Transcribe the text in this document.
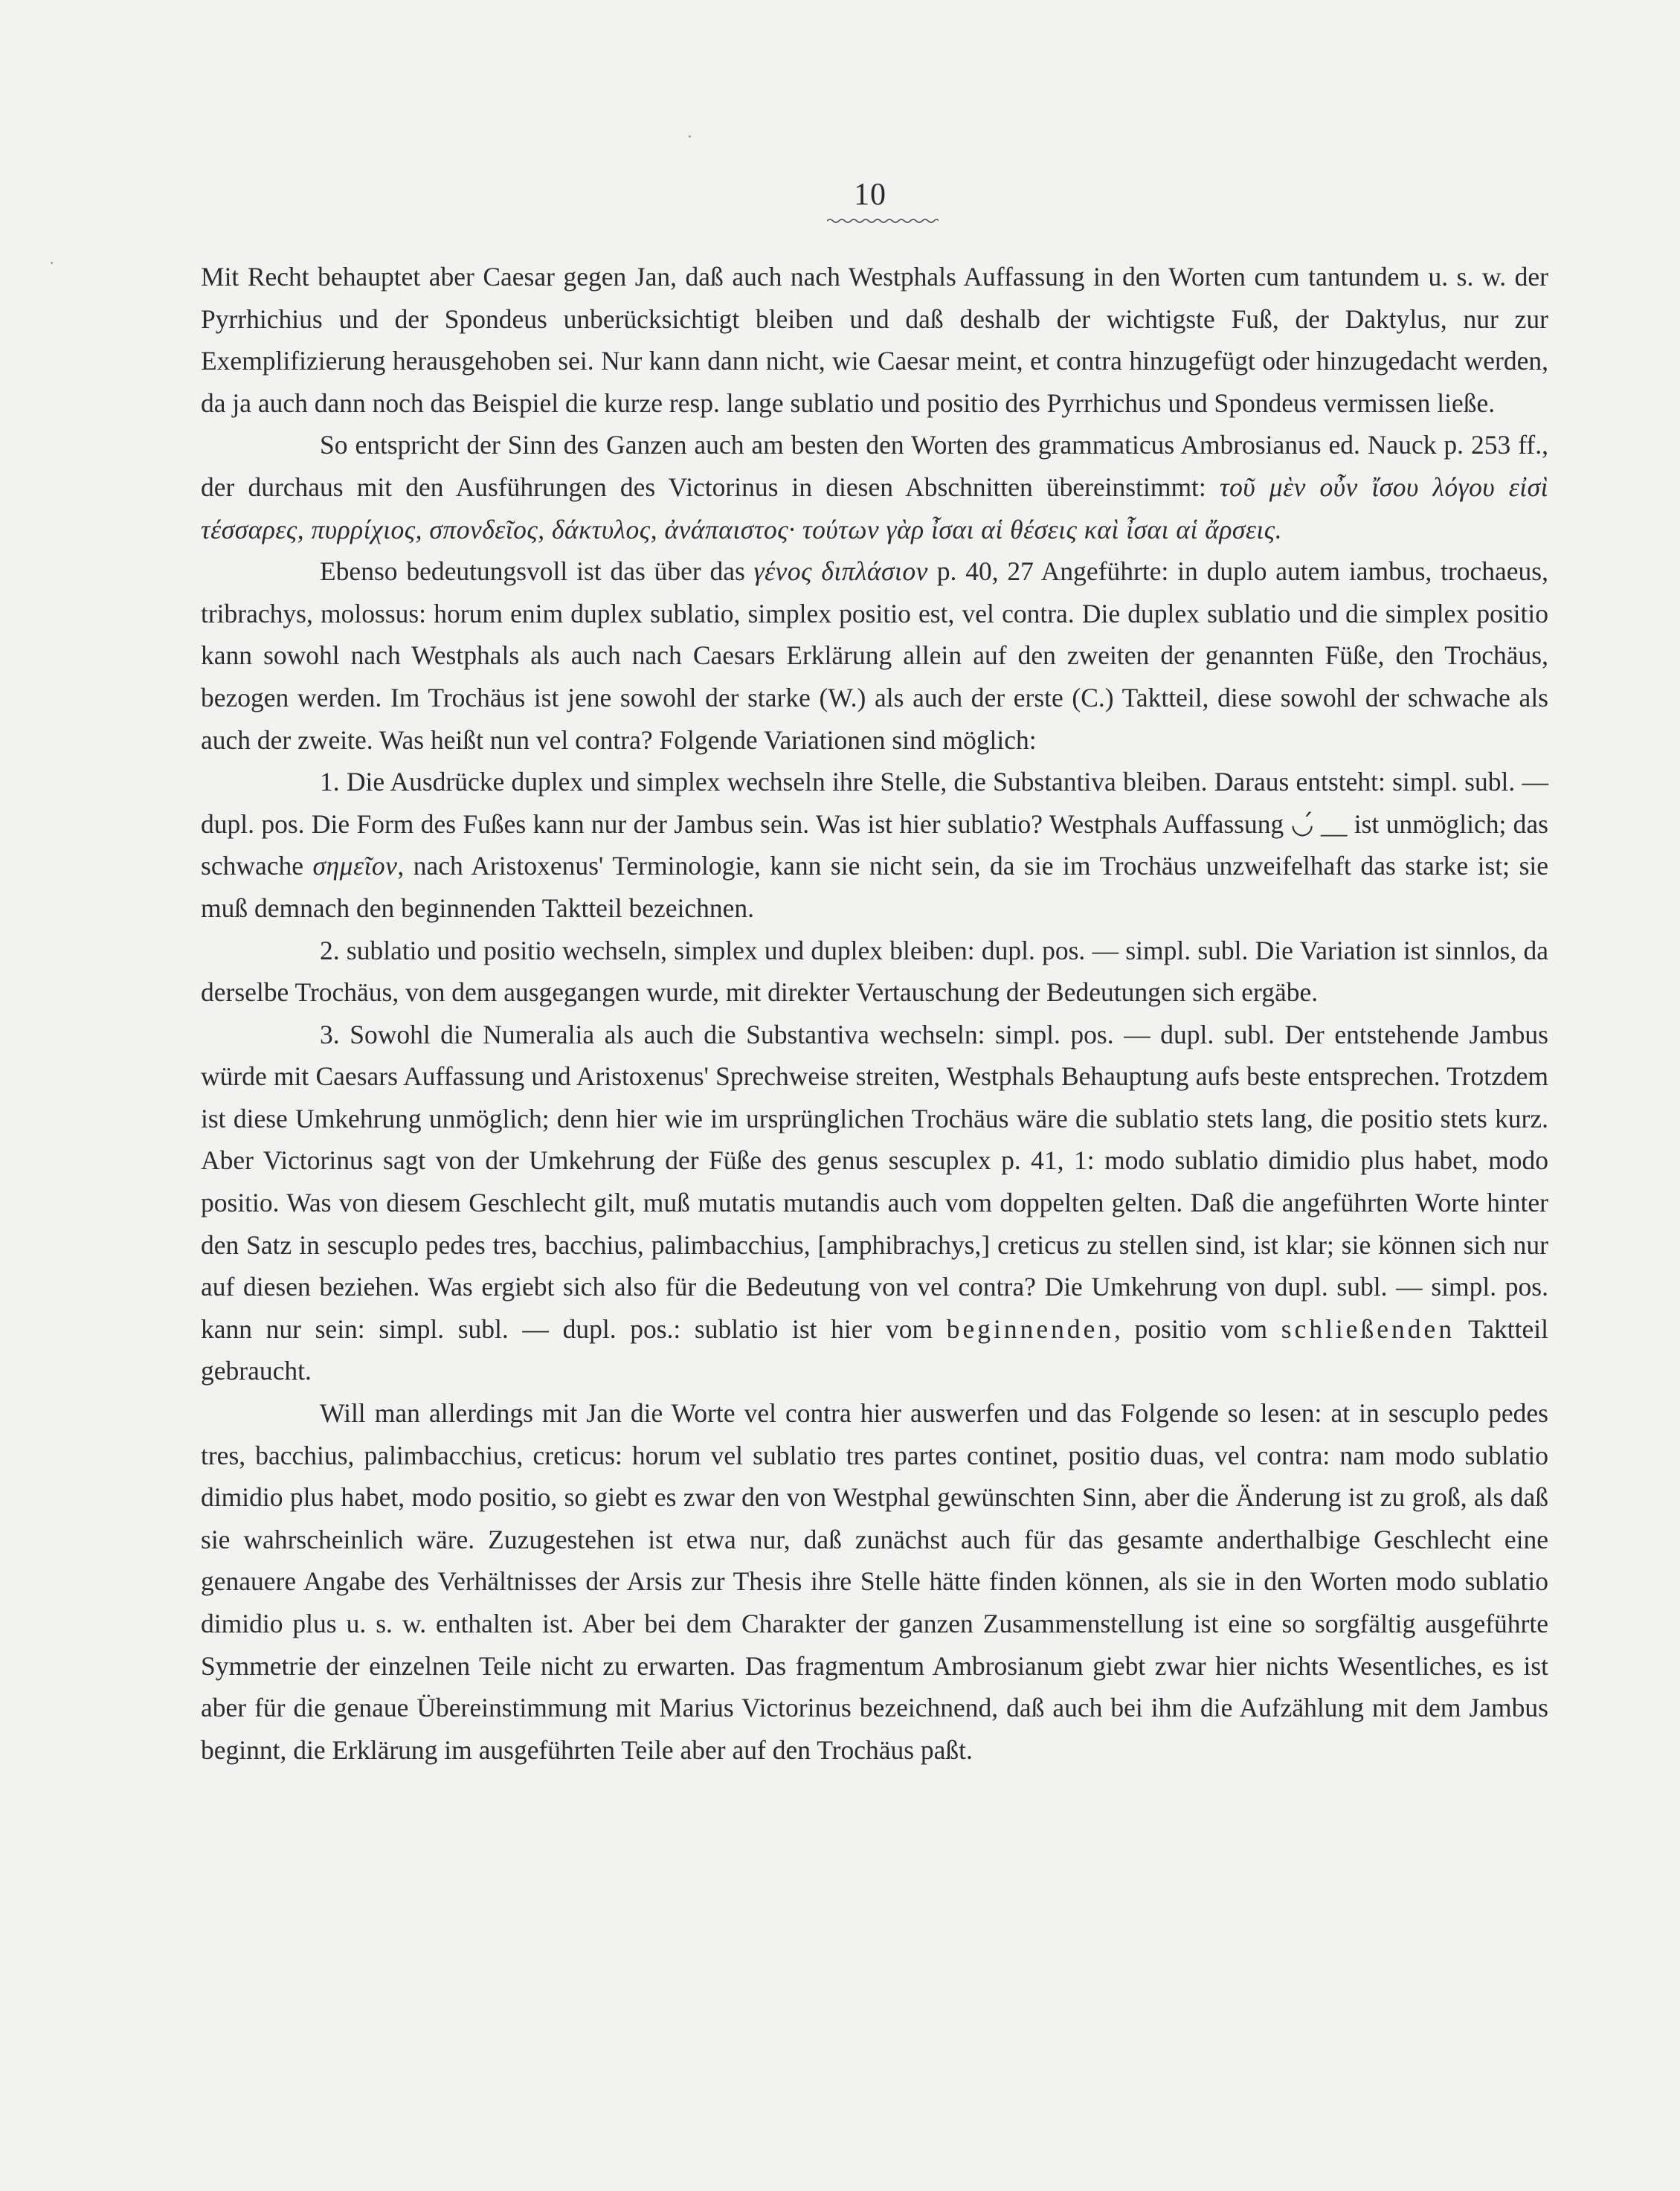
10

Mit Recht behauptet aber Caesar gegen Jan, daß auch nach Westphals Auffassung in den Worten cum tantundem u. s. w. der Pyrrhichius und der Spondeus unberücksichtigt bleiben und daß deshalb der wichtigste Fuß, der Daktylus, nur zur Exemplifizierung herausgehoben sei. Nur kann dann nicht, wie Caesar meint, et contra hinzugefügt oder hinzugedacht werden, da ja auch dann noch das Beispiel die kurze resp. lange sublatio und positio des Pyrrhichus und Spondeus vermissen ließe.

So entspricht der Sinn des Ganzen auch am besten den Worten des grammaticus Ambrosianus ed. Nauck p. 253 ff., der durchaus mit den Ausführungen des Victorinus in diesen Abschnitten übereinstimmt: τοῦ μὲν οὖν ἴσου λόγου εἰσὶ τέσσαρες, πυρρίχιος, σπονδεῖος, δάκτυλος, ἀνάπαιστος· τούτων γὰρ ἶσαι αἱ θέσεις καὶ ἶσαι αἱ ἄρσεις.

Ebenso bedeutungsvoll ist das über das γένος διπλάσιον p. 40, 27 Angeführte: in duplo autem iambus, trochaeus, tribrachys, molossus: horum enim duplex sublatio, simplex positio est, vel contra. Die duplex sublatio und die simplex positio kann sowohl nach Westphals als auch nach Caesars Erklärung allein auf den zweiten der genannten Füße, den Trochäus, bezogen werden. Im Trochäus ist jene sowohl der starke (W.) als auch der erste (C.) Taktteil, diese sowohl der schwache als auch der zweite. Was heißt nun vel contra? Folgende Variationen sind möglich:

1. Die Ausdrücke duplex und simplex wechseln ihre Stelle, die Substantiva bleiben. Daraus entsteht: simpl. subl. — dupl. pos. Die Form des Fußes kann nur der Jambus sein. Was ist hier sublatio? Westphals Auffassung ◡́ __ ist unmöglich; das schwache σημεῖον, nach Aristoxenus' Terminologie, kann sie nicht sein, da sie im Trochäus unzweifelhaft das starke ist; sie muß demnach den beginnenden Taktteil bezeichnen.

2. sublatio und positio wechseln, simplex und duplex bleiben: dupl. pos. — simpl. subl. Die Variation ist sinnlos, da derselbe Trochäus, von dem ausgegangen wurde, mit direkter Vertauschung der Bedeutungen sich ergäbe.

3. Sowohl die Numeralia als auch die Substantiva wechseln: simpl. pos. — dupl. subl. Der entstehende Jambus würde mit Caesars Auffassung und Aristoxenus' Sprechweise streiten, Westphals Behauptung aufs beste entsprechen. Trotzdem ist diese Umkehrung unmöglich; denn hier wie im ursprünglichen Trochäus wäre die sublatio stets lang, die positio stets kurz. Aber Victorinus sagt von der Umkehrung der Füße des genus sescuplex p. 41, 1: modo sublatio dimidio plus habet, modo positio. Was von diesem Geschlecht gilt, muß mutatis mutandis auch vom doppelten gelten. Daß die angeführten Worte hinter den Satz in sescuplo pedes tres, bacchius, palimbacchius, [amphibrachys,] creticus zu stellen sind, ist klar; sie können sich nur auf diesen beziehen. Was ergiebt sich also für die Bedeutung von vel contra? Die Umkehrung von dupl. subl. — simpl. pos. kann nur sein: simpl. subl. — dupl. pos.: sublatio ist hier vom beginnenden, positio vom schließenden Taktteil gebraucht.

Will man allerdings mit Jan die Worte vel contra hier auswerfen und das Folgende so lesen: at in sescuplo pedes tres, bacchius, palimbacchius, creticus: horum vel sublatio tres partes continet, positio duas, vel contra: nam modo sublatio dimidio plus habet, modo positio, so giebt es zwar den von Westphal gewünschten Sinn, aber die Änderung ist zu groß, als daß sie wahrscheinlich wäre. Zuzugestehen ist etwa nur, daß zunächst auch für das gesamte anderthalbige Geschlecht eine genauere Angabe des Verhältnisses der Arsis zur Thesis ihre Stelle hätte finden können, als sie in den Worten modo sublatio dimidio plus u. s. w. enthalten ist. Aber bei dem Charakter der ganzen Zusammenstellung ist eine so sorgfältig ausgeführte Symmetrie der einzelnen Teile nicht zu erwarten. Das fragmentum Ambrosianum giebt zwar hier nichts Wesentliches, es ist aber für die genaue Übereinstimmung mit Marius Victorinus bezeichnend, daß auch bei ihm die Aufzählung mit dem Jambus beginnt, die Erklärung im ausgeführten Teile aber auf den Trochäus paßt.
